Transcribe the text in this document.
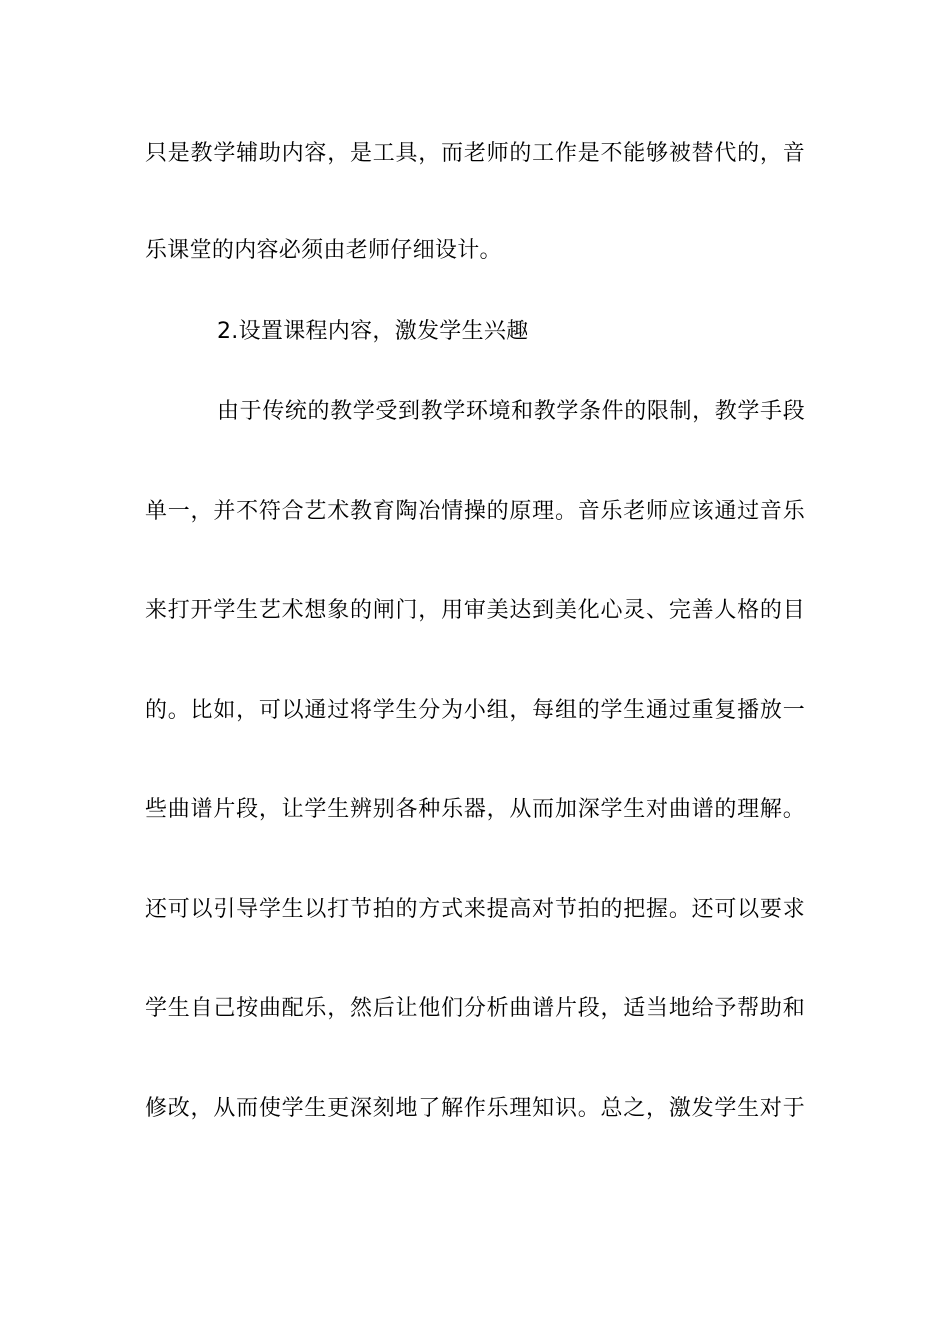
只是教学辅助内容，是工具，而老师的工作是不能够被替代的，音
乐课堂的内容必须由老师仔细设计。
2.设置课程内容，激发学生兴趣
由于传统的教学受到教学环境和教学条件的限制，教学手段
单一，并不符合艺术教育陶冶情操的原理。音乐老师应该通过音乐
来打开学生艺术想象的闸门，用审美达到美化心灵、完善人格的目
的。比如，可以通过将学生分为小组，每组的学生通过重复播放一
些曲谱片段，让学生辨别各种乐器，从而加深学生对曲谱的理解。
还可以引导学生以打节拍的方式来提高对节拍的把握。还可以要求
学生自己按曲配乐，然后让他们分析曲谱片段，适当地给予帮助和
修改，从而使学生更深刻地了解作乐理知识。总之，激发学生对于
